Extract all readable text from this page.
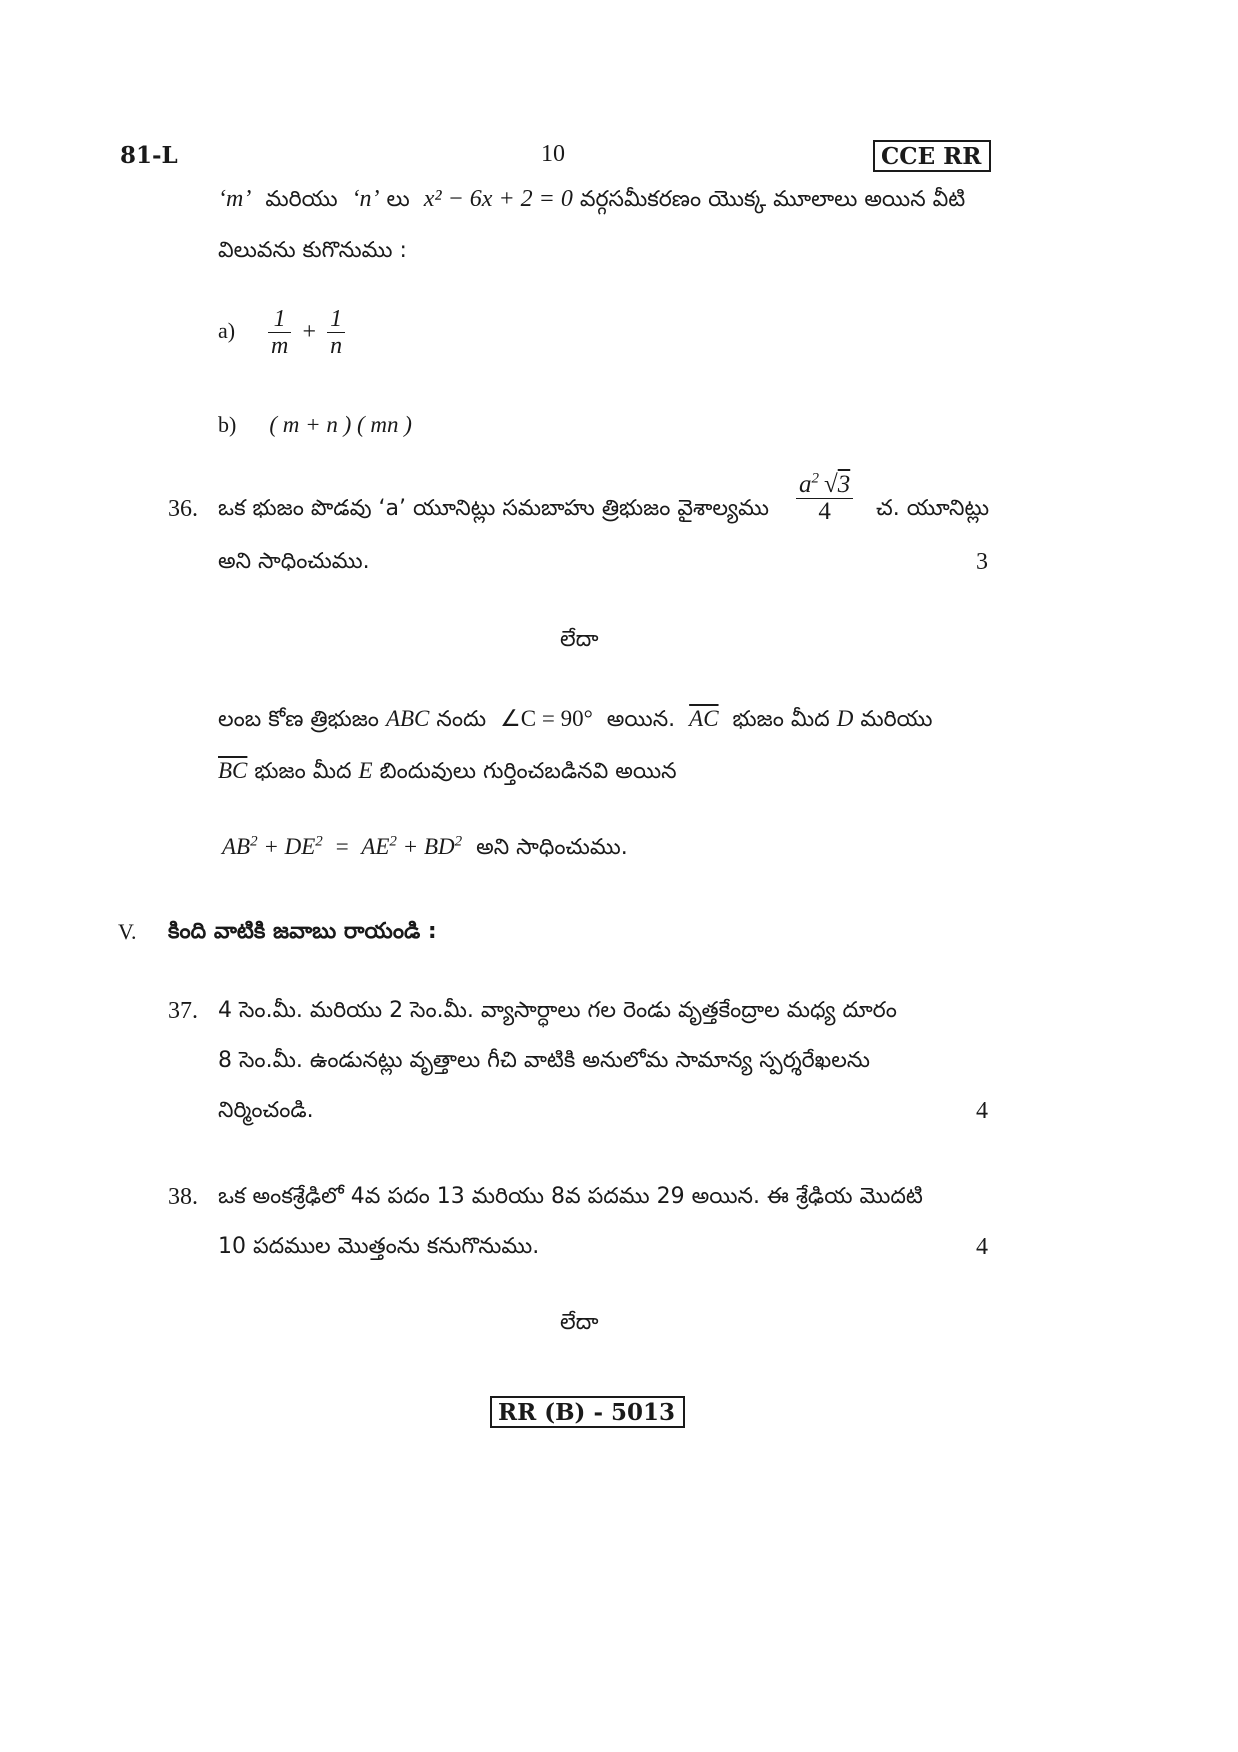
81-L	10	CCE RR
‘m’ మరియు ‘n’ లు x² − 6x + 2 = 0 వర్గసమీకరణం యొక్క మూలాలు అయిన వీటి
విలువను కుగొనుము :
$a) \frac{1}{m} + \frac{1}{n}$
b) ( m + n ) ( mn )
36. ఒక భుజం పొడవు ‘a’ యూనిట్లు సమబాహు త్రిభుజం వైశాల్యము $\frac{a^2 √3}{4}$ చ. యూనిట్లు
అని సాధించుము.	3
లేదా
లంబ కోణ త్రిభుజం ABC నందు ∠C = 90° అయిన. $\overline{AC}$ భుజం మీద D మరియు
$\overline{BC}$ భుజం మీద E బిందువులు గుర్తించబడినవి అయిన
$AB^2 + DE^2 = AE^2 + BD^2$ అని సాధించుము.
V. కింది వాటికి జవాబు రాయండి :
37. 4 సెం.మీ. మరియు 2 సెం.మీ. వ్యాసార్ధాలు గల రెండు వృత్తకేంద్రాల మధ్య దూరం
8 సెం.మీ. ఉండునట్లు వృత్తాలు గీచి వాటికి అనులోమ సామాన్య స్పర్శరేఖలను
నిర్మించండి.	4
38. ఒక అంకశ్రేఢిలో 4వ పదం 13 మరియు 8వ పదము 29 అయిన. ఈ శ్రేఢియ మొదటి
10 పదముల మొత్తంను కనుగొనుము.	4
లేదా
RR (B) - 5013
